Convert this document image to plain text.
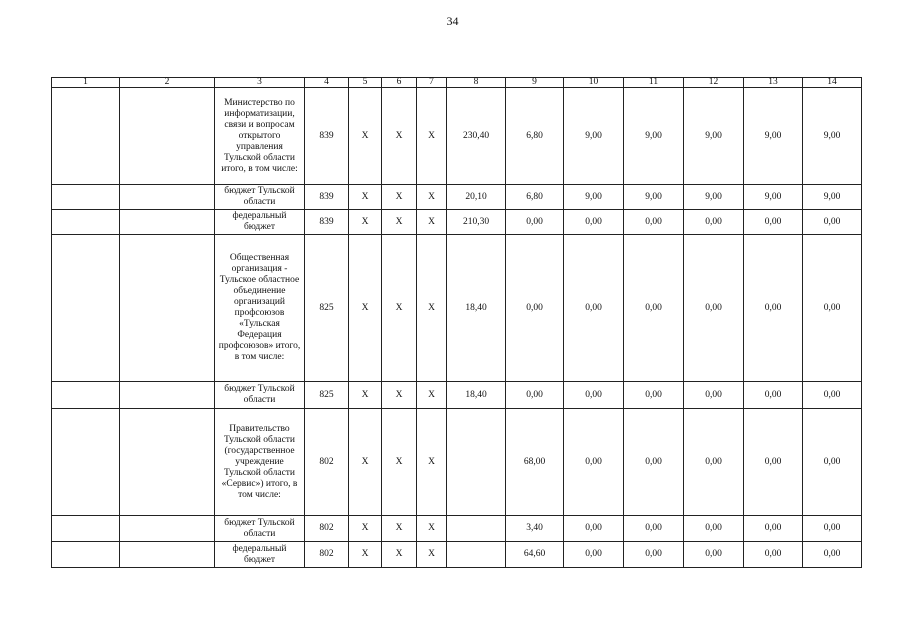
34
1	2	3	4	5	6	7	8	9	10	11	12	13	14
		Министерство по информатизации, связи и вопросам открытого управления Тульской области итого, в том числе:	839	X	X	X	230,40	6,80	9,00	9,00	9,00	9,00	9,00
		бюджет Тульской области	839	X	X	X	20,10	6,80	9,00	9,00	9,00	9,00	9,00
		федеральный бюджет	839	X	X	X	210,30	0,00	0,00	0,00	0,00	0,00	0,00
		Общественная организация - Тульское областное объединение организаций профсоюзов «Тульская Федерация профсоюзов» итого, в том числе:	825	X	X	X	18,40	0,00	0,00	0,00	0,00	0,00	0,00
		бюджет Тульской области	825	X	X	X	18,40	0,00	0,00	0,00	0,00	0,00	0,00
		Правительство Тульской области (государственное учреждение Тульской области «Сервис») итого, в том числе:	802	X	X	X		68,00	0,00	0,00	0,00	0,00	0,00
		бюджет Тульской области	802	X	X	X		3,40	0,00	0,00	0,00	0,00	0,00
		федеральный бюджет	802	X	X	X		64,60	0,00	0,00	0,00	0,00	0,00
